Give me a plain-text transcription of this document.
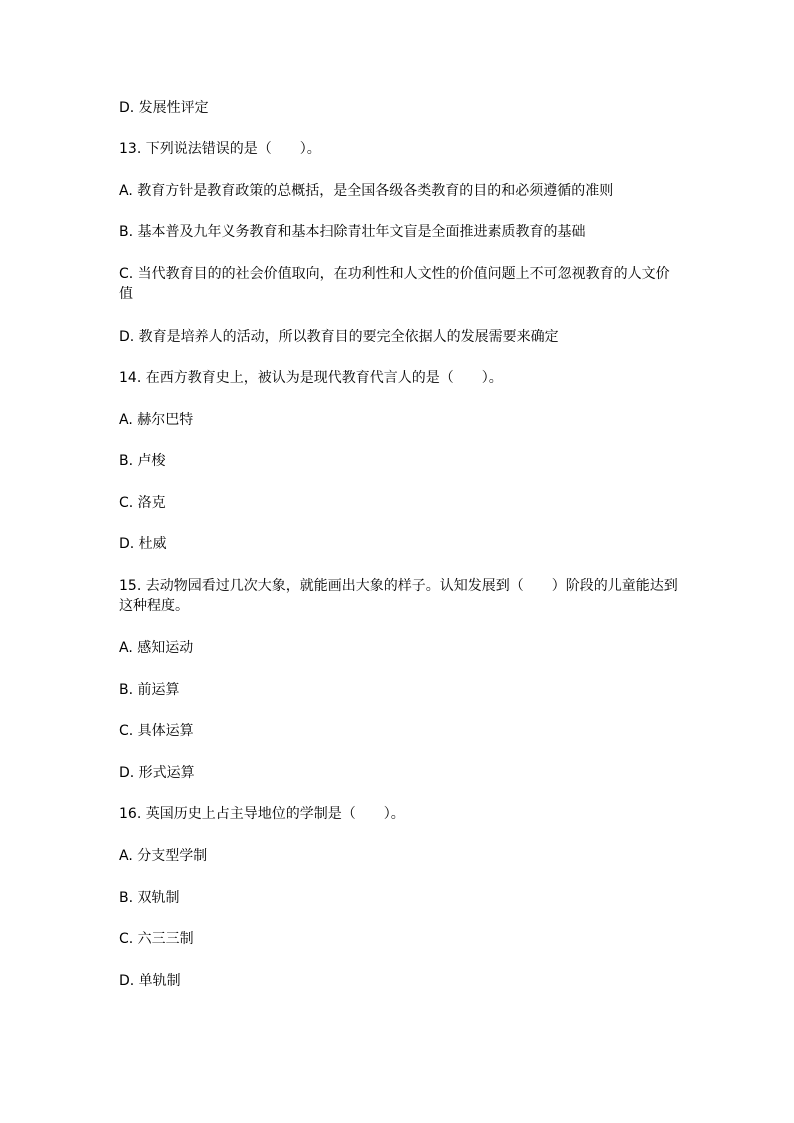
D. 发展性评定
13. 下列说法错误的是（　　）。
A. 教育方针是教育政策的总概括，是全国各级各类教育的目的和必须遵循的准则
B. 基本普及九年义务教育和基本扫除青壮年文盲是全面推进素质教育的基础
C. 当代教育目的的社会价值取向，在功利性和人文性的价值问题上不可忽视教育的人文价值
D. 教育是培养人的活动，所以教育目的要完全依据人的发展需要来确定
14. 在西方教育史上，被认为是现代教育代言人的是（　　）。
A. 赫尔巴特
B. 卢梭
C. 洛克
D. 杜威
15. 去动物园看过几次大象，就能画出大象的样子。认知发展到（　　）阶段的儿童能达到这种程度。
A. 感知运动
B. 前运算
C. 具体运算
D. 形式运算
16. 英国历史上占主导地位的学制是（　　）。
A. 分支型学制
B. 双轨制
C. 六三三制
D. 单轨制
